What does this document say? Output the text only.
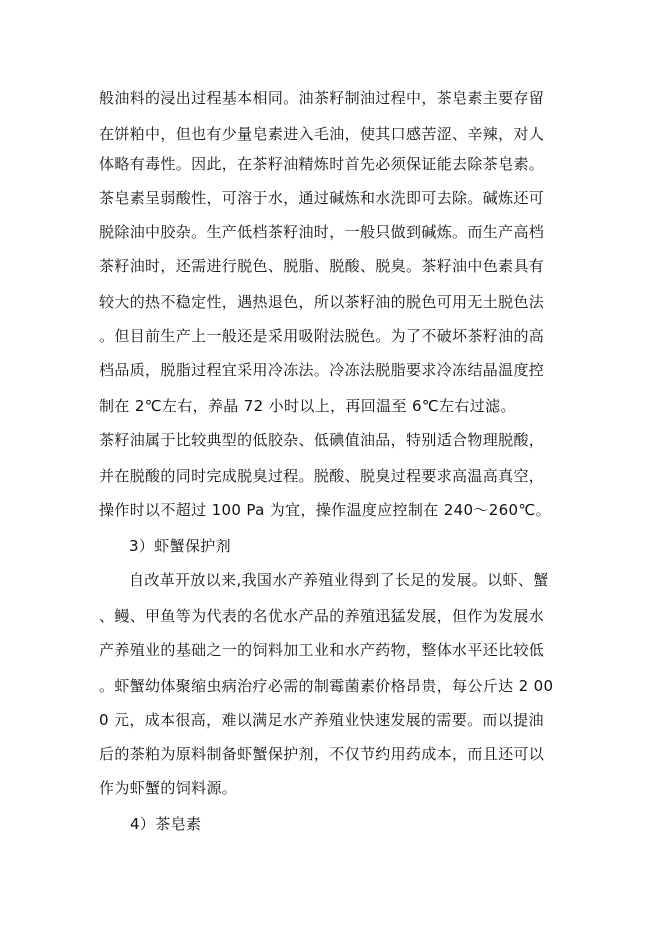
般油料的浸出过程基本相同。油茶籽制油过程中，茶皂素主要存留
在饼粕中，但也有少量皂素进入毛油，使其口感苦涩、辛辣，对人
体略有毒性。因此，在茶籽油精炼时首先必须保证能去除茶皂素。
茶皂素呈弱酸性，可溶于水，通过碱炼和水洗即可去除。碱炼还可
脱除油中胶杂。生产低档茶籽油时，一般只做到碱炼。而生产高档
茶籽油时，还需进行脱色、脱脂、脱酸、脱臭。茶籽油中色素具有
较大的热不稳定性，遇热退色，所以茶籽油的脱色可用无土脱色法
。但目前生产上一般还是采用吸附法脱色。为了不破坏茶籽油的高
档品质，脱脂过程宜采用冷冻法。冷冻法脱脂要求冷冻结晶温度控
制在 2℃左右，养晶 72 小时以上，再回温至 6℃左右过滤。
茶籽油属于比较典型的低胶杂、低碘值油品，特别适合物理脱酸，
并在脱酸的同时完成脱臭过程。脱酸、脱臭过程要求高温高真空，
操作时以不超过 100 Pa 为宜，操作温度应控制在 240～260℃。
3）虾蟹保护剂
自改革开放以来,我国水产养殖业得到了长足的发展。以虾、蟹
、鳗、甲鱼等为代表的名优水产品的养殖迅猛发展，但作为发展水
产养殖业的基础之一的饲料加工业和水产药物，整体水平还比较低
。虾蟹幼体聚缩虫病治疗必需的制霉菌素价格昂贵，每公斤达 2 00
0 元，成本很高，难以满足水产养殖业快速发展的需要。而以提油
后的茶粕为原料制备虾蟹保护剂，不仅节约用药成本，而且还可以
作为虾蟹的饲料源。
4）茶皂素
